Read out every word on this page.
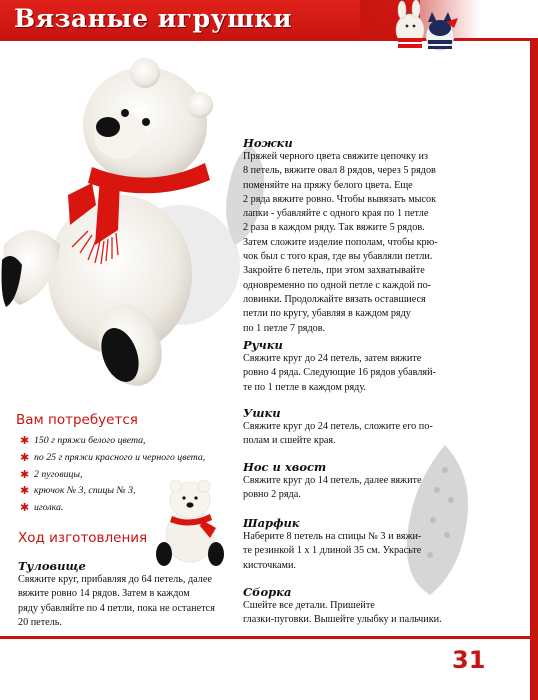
Вязаные игрушки
Ножки
Пряжей черного цвета свяжите цепочку из
8 петель, вяжите овал 8 рядов, через 5 рядов
поменяйте на пряжу белого цвета. Еще
2 ряда вяжите ровно. Чтобы вывязать мысок
лапки - убавляйте с одного края по 1 петле
2 раза в каждом ряду. Так вяжите 5 рядов.
Затем сложите изделие пополам, чтобы крю-
чок был с того края, где вы убавляли петли.
Закройте 6 петель, при этом захватывайте
одновременно по одной петле с каждой по-
ловинки. Продолжайте вязать оставшиеся
петли по кругу, убавляя в каждом ряду
по 1 петле 7 рядов.
Ручки
Свяжите круг до 24 петель, затем вяжите
ровно 4 ряда. Следующие 16 рядов убавляй-
те по 1 петле в каждом ряду.
Ушки
Свяжите круг до 24 петель, сложите его по-
полам и сшейте края.
Нос и хвост
Свяжите круг до 14 петель, далее вяжите
ровно 2 ряда.
Шарфик
Наберите 8 петель на спицы № 3 и вяжи-
те резинкой 1 х 1 длиной 35 см. Украсьте
кисточками.
Сборка
Сшейте все детали. Пришейте
глазки-пуговки. Вышейте улыбку и пальчики.
Вам потребуется
✱ 150 г пряжи белого цвета,
✱ по 25 г пряжи красного и черного цвета,
✱ 2 пуговицы,
✱ крючок № 3, спицы № 3,
✱ иголка.
Ход изготовления
Туловище
Свяжите круг, прибавляя до 64 петель, далее
вяжите ровно 14 рядов. Затем в каждом
ряду убавляйте по 4 петли, пока не останется
20 петель.
31
